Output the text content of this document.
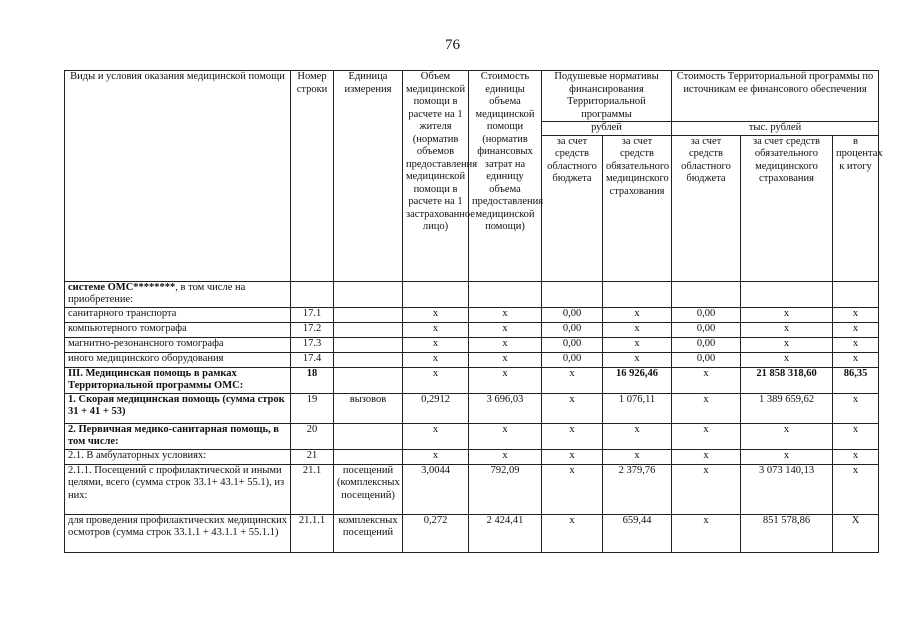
76
Виды и условия оказания медицинской помощи	Номер строки	Единица измерения	Объем медицинской помощи в расчете на 1 жителя (норматив объемов предоставления медицинской помощи в расчете на 1 застрахованное лицо)	Стоимость единицы объема медицинской помощи (норматив финансовых затрат на единицу объема предоставления медицинской помощи)	Подушевые нормативы финансирования Территориальной программы		Стоимость Территориальной программы по источникам ее финансового обеспечения		
					рублей		тыс. рублей		
					за счет средств областного бюджета	за счет средств обязательного медицинского страхования	за счет средств областного бюджета	за счет средств обязательного медицинского страхования	в процентах к итогу
системе ОМС********, в том числе на приобретение:									
санитарного транспорта	17.1		x	x	0,00	x	0,00	x	x
компьютерного томографа	17.2		x	x	0,00	x	0,00	x	x
магнитно-резонансного томографа	17.3		x	x	0,00	x	0,00	x	x
иного медицинского оборудования	17.4		x	x	0,00	x	0,00	x	x
III. Медицинская помощь в рамках Территориальной программы ОМС:	18		x	x	x	16 926,46	x	21 858 318,60	86,35
1. Скорая медицинская помощь (сумма строк 31 + 41 + 53)	19	вызовов	0,2912	3 696,03	x	1 076,11	x	1 389 659,62	x
2. Первичная медико-санитарная помощь, в том числе:	20		x	x	x	x	x	x	x
2.1. В амбулаторных условиях:	21		x	x	x	x	x	x	x
2.1.1. Посещений с профилактической и иными целями, всего (сумма строк 33.1+ 43.1+ 55.1), из них:	21.1	посещений (комплексных посещений)	3,0044	792,09	x	2 379,76	x	3 073 140,13	x
для проведения профилактических медицинских осмотров (сумма строк 33.1.1 + 43.1.1 + 55.1.1)	21.1.1	комплексных посещений	0,272	2 424,41	x	659,44	x	851 578,86	X
